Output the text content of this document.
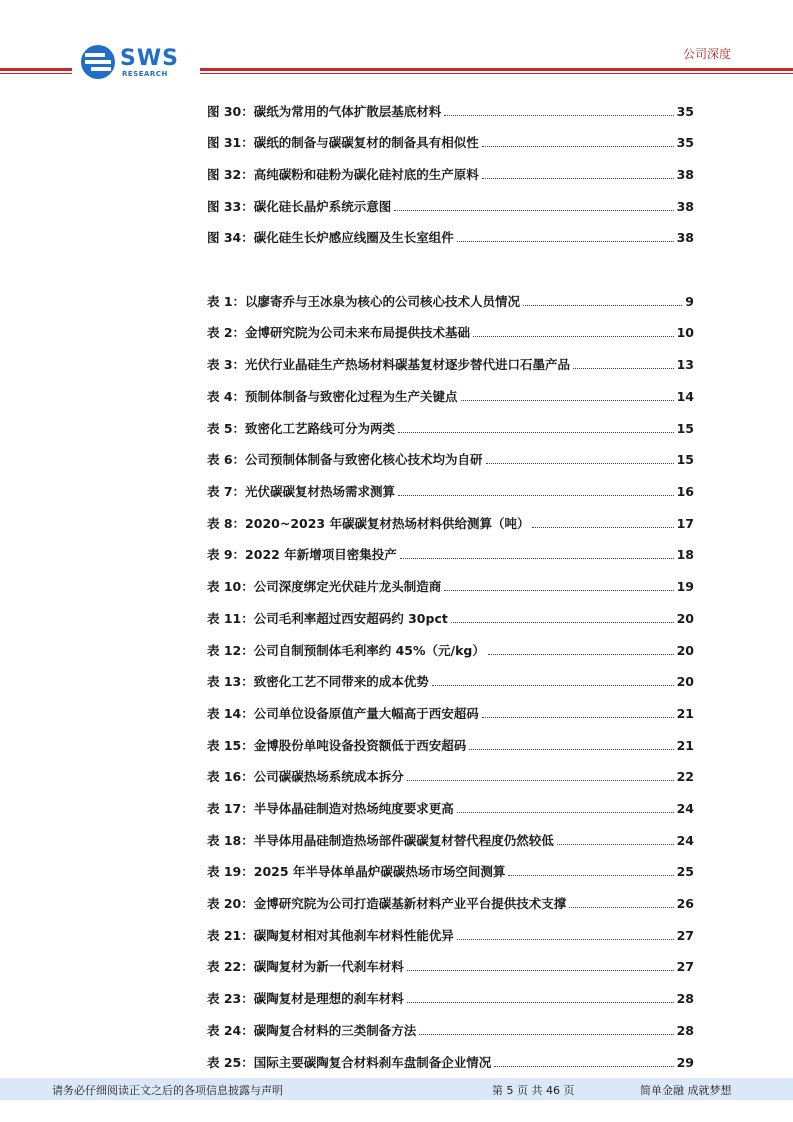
SWS
RESEARCH
公司深度
图 30：碳纸为常用的气体扩散层基底材料	35
图 31：碳纸的制备与碳碳复材的制备具有相似性	35
图 32：高纯碳粉和硅粉为碳化硅衬底的生产原料	38
图 33：碳化硅长晶炉系统示意图	38
图 34：碳化硅生长炉感应线圈及生长室组件	38
表 1：以廖寄乔与王冰泉为核心的公司核心技术人员情况	9
表 2：金博研究院为公司未来布局提供技术基础	10
表 3：光伏行业晶硅生产热场材料碳基复材逐步替代进口石墨产品	13
表 4：预制体制备与致密化过程为生产关键点	14
表 5：致密化工艺路线可分为两类	15
表 6：公司预制体制备与致密化核心技术均为自研	15
表 7：光伏碳碳复材热场需求测算	16
表 8：2020~2023 年碳碳复材热场材料供给测算（吨）	17
表 9：2022 年新增项目密集投产	18
表 10：公司深度绑定光伏硅片龙头制造商	19
表 11：公司毛利率超过西安超码约 30pct	20
表 12：公司自制预制体毛利率约 45%（元/kg）	20
表 13：致密化工艺不同带来的成本优势	20
表 14：公司单位设备原值产量大幅高于西安超码	21
表 15：金博股份单吨设备投资额低于西安超码	21
表 16：公司碳碳热场系统成本拆分	22
表 17：半导体晶硅制造对热场纯度要求更高	24
表 18：半导体用晶硅制造热场部件碳碳复材替代程度仍然较低	24
表 19：2025 年半导体单晶炉碳碳热场市场空间测算	25
表 20：金博研究院为公司打造碳基新材料产业平台提供技术支撑	26
表 21：碳陶复材相对其他刹车材料性能优异	27
表 22：碳陶复材为新一代刹车材料	27
表 23：碳陶复材是理想的刹车材料	28
表 24：碳陶复合材料的三类制备方法	28
表 25：国际主要碳陶复合材料刹车盘制备企业情况	29
请务必仔细阅读正文之后的各项信息披露与声明	第 5 页 共 46 页	简单金融 成就梦想
